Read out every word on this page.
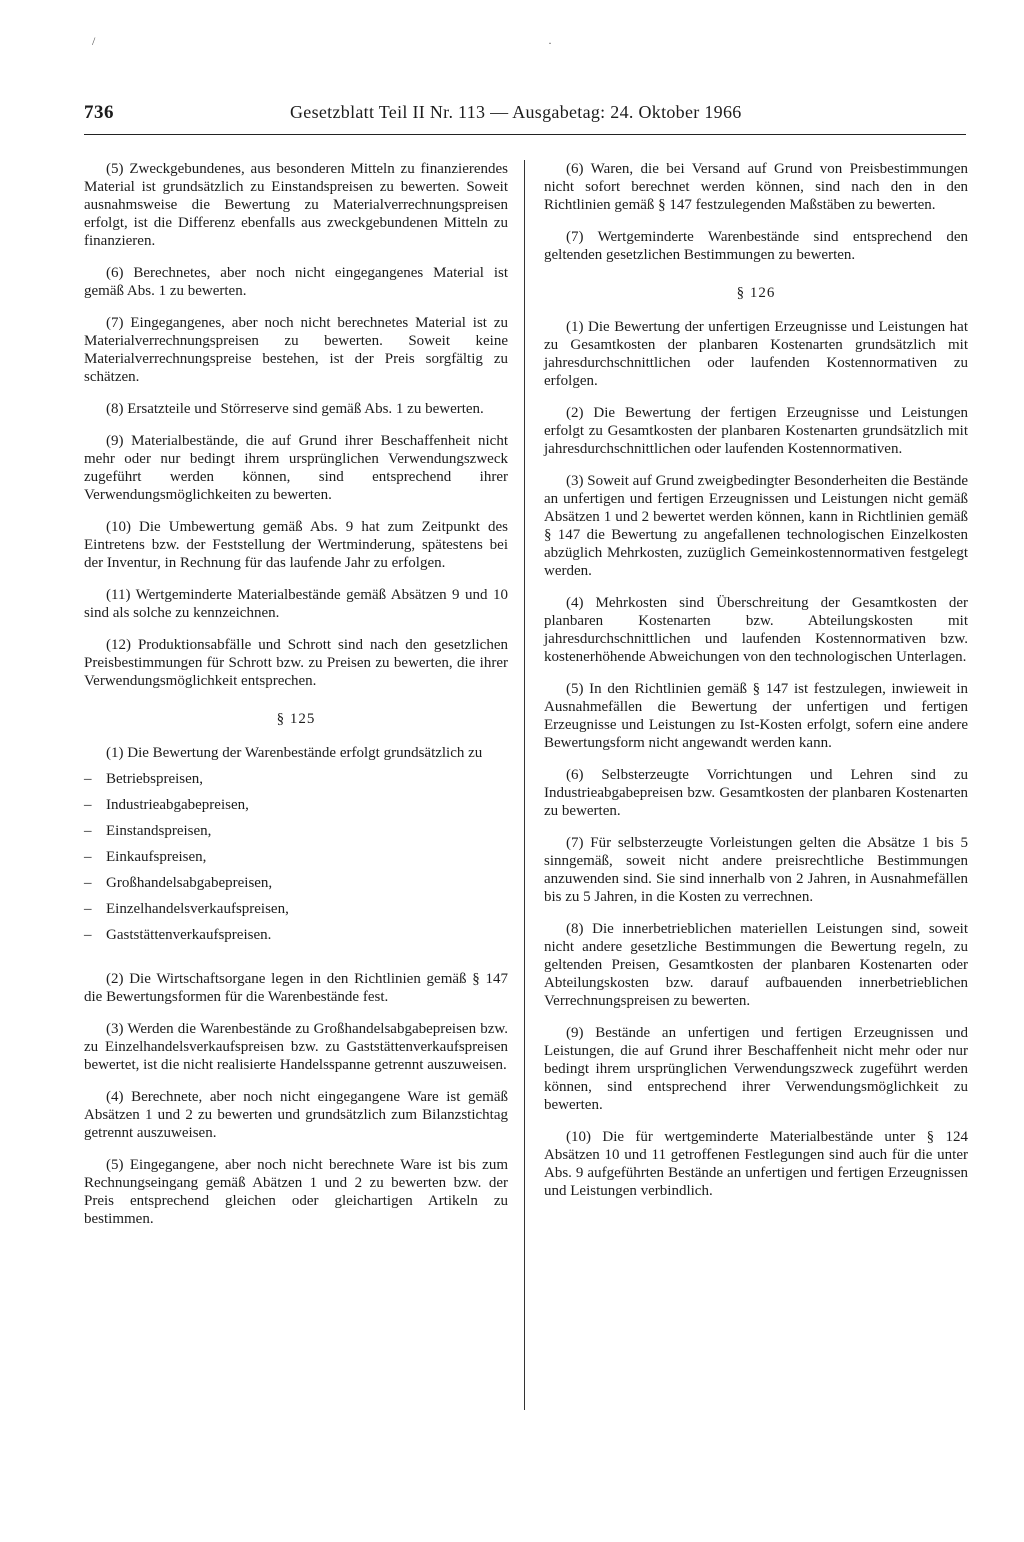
/	·
736	Gesetzblatt Teil II Nr. 113 — Ausgabetag: 24. Oktober 1966

(5) Zweckgebundenes, aus besonderen Mitteln zu finanzierendes Material ist grundsätzlich zu Einstandspreisen zu bewerten. Soweit ausnahmsweise die Bewertung zu Materialverrechnungspreisen erfolgt, ist die Differenz ebenfalls aus zweckgebundenen Mitteln zu finanzieren.

(6) Berechnetes, aber noch nicht eingegangenes Material ist gemäß Abs. 1 zu bewerten.

(7) Eingegangenes, aber noch nicht berechnetes Material ist zu Materialverrechnungspreisen zu bewerten. Soweit keine Materialverrechnungspreise bestehen, ist der Preis sorgfältig zu schätzen.

(8) Ersatzteile und Störreserve sind gemäß Abs. 1 zu bewerten.

(9) Materialbestände, die auf Grund ihrer Beschaffenheit nicht mehr oder nur bedingt ihrem ursprünglichen Verwendungszweck zugeführt werden können, sind entsprechend ihrer Verwendungsmöglichkeiten zu bewerten.

(10) Die Umbewertung gemäß Abs. 9 hat zum Zeitpunkt des Eintretens bzw. der Feststellung der Wertminderung, spätestens bei der Inventur, in Rechnung für das laufende Jahr zu erfolgen.

(11) Wertgeminderte Materialbestände gemäß Absätzen 9 und 10 sind als solche zu kennzeichnen.

(12) Produktionsabfälle und Schrott sind nach den gesetzlichen Preisbestimmungen für Schrott bzw. zu Preisen zu bewerten, die ihrer Verwendungsmöglichkeit entsprechen.

§ 125

(1) Die Bewertung der Warenbestände erfolgt grundsätzlich zu

– Betriebspreisen,
– Industrieabgabepreisen,
– Einstandspreisen,
– Einkaufspreisen,
– Großhandelsabgabepreisen,
– Einzelhandelsverkaufspreisen,
– Gaststättenverkaufspreisen.

(2) Die Wirtschaftsorgane legen in den Richtlinien gemäß § 147 die Bewertungsformen für die Warenbestände fest.

(3) Werden die Warenbestände zu Großhandelsabgabepreisen bzw. zu Einzelhandelsverkaufspreisen bzw. zu Gaststättenverkaufspreisen bewertet, ist die nicht realisierte Handelsspanne getrennt auszuweisen.

(4) Berechnete, aber noch nicht eingegangene Ware ist gemäß Absätzen 1 und 2 zu bewerten und grundsätzlich zum Bilanzstichtag getrennt auszuweisen.

(5) Eingegangene, aber noch nicht berechnete Ware ist bis zum Rechnungseingang gemäß Abätzen 1 und 2 zu bewerten bzw. der Preis entsprechend gleichen oder gleichartigen Artikeln zu bestimmen.

(6) Waren, die bei Versand auf Grund von Preisbestimmungen nicht sofort berechnet werden können, sind nach den in den Richtlinien gemäß § 147 festzulegenden Maßstäben zu bewerten.

(7) Wertgeminderte Warenbestände sind entsprechend den geltenden gesetzlichen Bestimmungen zu bewerten.

§ 126

(1) Die Bewertung der unfertigen Erzeugnisse und Leistungen hat zu Gesamtkosten der planbaren Kostenarten grundsätzlich mit jahresdurchschnittlichen oder laufenden Kostennormativen zu erfolgen.

(2) Die Bewertung der fertigen Erzeugnisse und Leistungen erfolgt zu Gesamtkosten der planbaren Kostenarten grundsätzlich mit jahresdurchschnittlichen oder laufenden Kostennormativen.

(3) Soweit auf Grund zweigbedingter Besonderheiten die Bestände an unfertigen und fertigen Erzeugnissen und Leistungen nicht gemäß Absätzen 1 und 2 bewertet werden können, kann in Richtlinien gemäß § 147 die Bewertung zu angefallenen technologischen Einzelkosten abzüglich Mehrkosten, zuzüglich Gemeinkostennormativen festgelegt werden.

(4) Mehrkosten sind Überschreitung der Gesamtkosten der planbaren Kostenarten bzw. Abteilungskosten mit jahresdurchschnittlichen und laufenden Kostennormativen bzw. kostenerhöhende Abweichungen von den technologischen Unterlagen.

(5) In den Richtlinien gemäß § 147 ist festzulegen, inwieweit in Ausnahmefällen die Bewertung der unfertigen und fertigen Erzeugnisse und Leistungen zu Ist-Kosten erfolgt, sofern eine andere Bewertungsform nicht angewandt werden kann.

(6) Selbsterzeugte Vorrichtungen und Lehren sind zu Industrieabgabepreisen bzw. Gesamtkosten der planbaren Kostenarten zu bewerten.

(7) Für selbsterzeugte Vorleistungen gelten die Absätze 1 bis 5 sinngemäß, soweit nicht andere preisrechtliche Bestimmungen anzuwenden sind. Sie sind innerhalb von 2 Jahren, in Ausnahmefällen bis zu 5 Jahren, in die Kosten zu verrechnen.

(8) Die innerbetrieblichen materiellen Leistungen sind, soweit nicht andere gesetzliche Bestimmungen die Bewertung regeln, zu geltenden Preisen, Gesamtkosten der planbaren Kostenarten oder Abteilungskosten bzw. darauf aufbauenden innerbetrieblichen Verrechnungspreisen zu bewerten.

(9) Bestände an unfertigen und fertigen Erzeugnissen und Leistungen, die auf Grund ihrer Beschaffenheit nicht mehr oder nur bedingt ihrem ursprünglichen Verwendungszweck zugeführt werden können, sind entsprechend ihrer Verwendungsmöglichkeit zu bewerten.

(10) Die für wertgeminderte Materialbestände unter § 124 Absätzen 10 und 11 getroffenen Festlegungen sind auch für die unter Abs. 9 aufgeführten Bestände an unfertigen und fertigen Erzeugnissen und Leistungen verbindlich.
